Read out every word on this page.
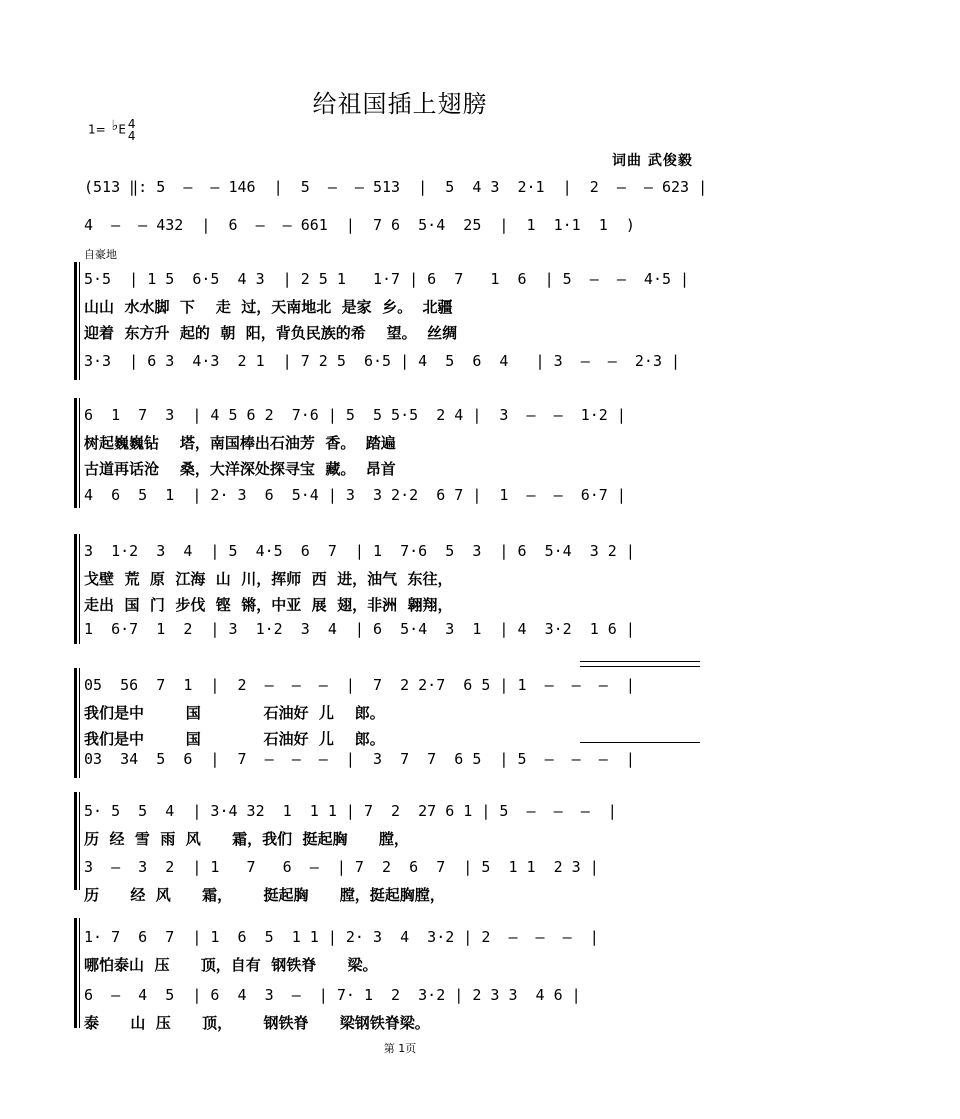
给祖国插上翅膀
1= ♭E 4
4
词曲 武俊毅
(513 ‖: 5  –  – 146  |  5  –  – 513  |  5  4 3  2·1  |  2  –  – 623 |
4  –  – 432  |  6  –  – 661  |  7 6  5·4  25  |  1  1·1  1  )
自豪地
5·5  | 1 5  6·5  4 3  | 2 5 1   1·7 | 6  7   1  6  | 5  –  –  4·5 |
山山  水水脚  下    走  过，天南地北  是家  乡。  北疆
迎着  东方升  起的  朝  阳，背负民族的希    望。  丝绸
3·3  | 6 3  4·3  2 1  | 7 2 5  6·5 | 4  5  6  4   | 3  –  –  2·3 |
6  1  7  3  | 4 5 6 2  7·6 | 5  5 5·5  2 4 |  3  –  –  1·2 |
树起巍巍钻    塔，南国棒出石油芳  香。  踏遍
古道再话沧    桑，大洋深处探寻宝  藏。  昂首
4  6  5  1  | 2· 3  6  5·4 | 3  3 2·2  6 7 |  1  –  –  6·7 |
3  1·2  3  4  | 5  4·5  6  7  | 1  7·6  5  3  | 6  5·4  3 2 |
戈壁  荒  原  江海  山  川，挥师  西  进，油气  东往，
走出  国  门  步伐  铿  锵，中亚  展  翅，非洲  翱翔，
1  6·7  1  2  | 3  1·2  3  4  | 6  5·4  3  1  | 4  3·2  1 6 |
05  56  7  1  |  2  –  –  –  |  7  2 2·7  6 5 | 1  –  –  –  |
我们是中        国            石油好  儿    郎。
我们是中        国            石油好  儿    郎。
03  34  5  6  |  7  –  –  –  |  3  7  7  6 5  | 5  –  –  –  |
5· 5  5  4  | 3·4 32  1  1 1 | 7  2  27 6 1 | 5  –  –  –  |
历  经  雪  雨  风      霜，我们  挺起胸      膛，
3  –  3  2  | 1   7   6  –  | 7  2  6  7  | 5  1 1  2 3 |
历      经  风      霜，      挺起胸      膛，挺起胸膛，
1· 7  6  7  | 1  6  5  1 1 | 2· 3  4  3·2 | 2  –  –  –  |
哪怕泰山  压      顶，自有  钢铁脊      梁。
6  –  4  5  | 6  4  3  –  | 7· 1  2  3·2 | 2 3 3  4 6 |
泰      山  压      顶，      钢铁脊      梁钢铁脊梁。
第 1页
